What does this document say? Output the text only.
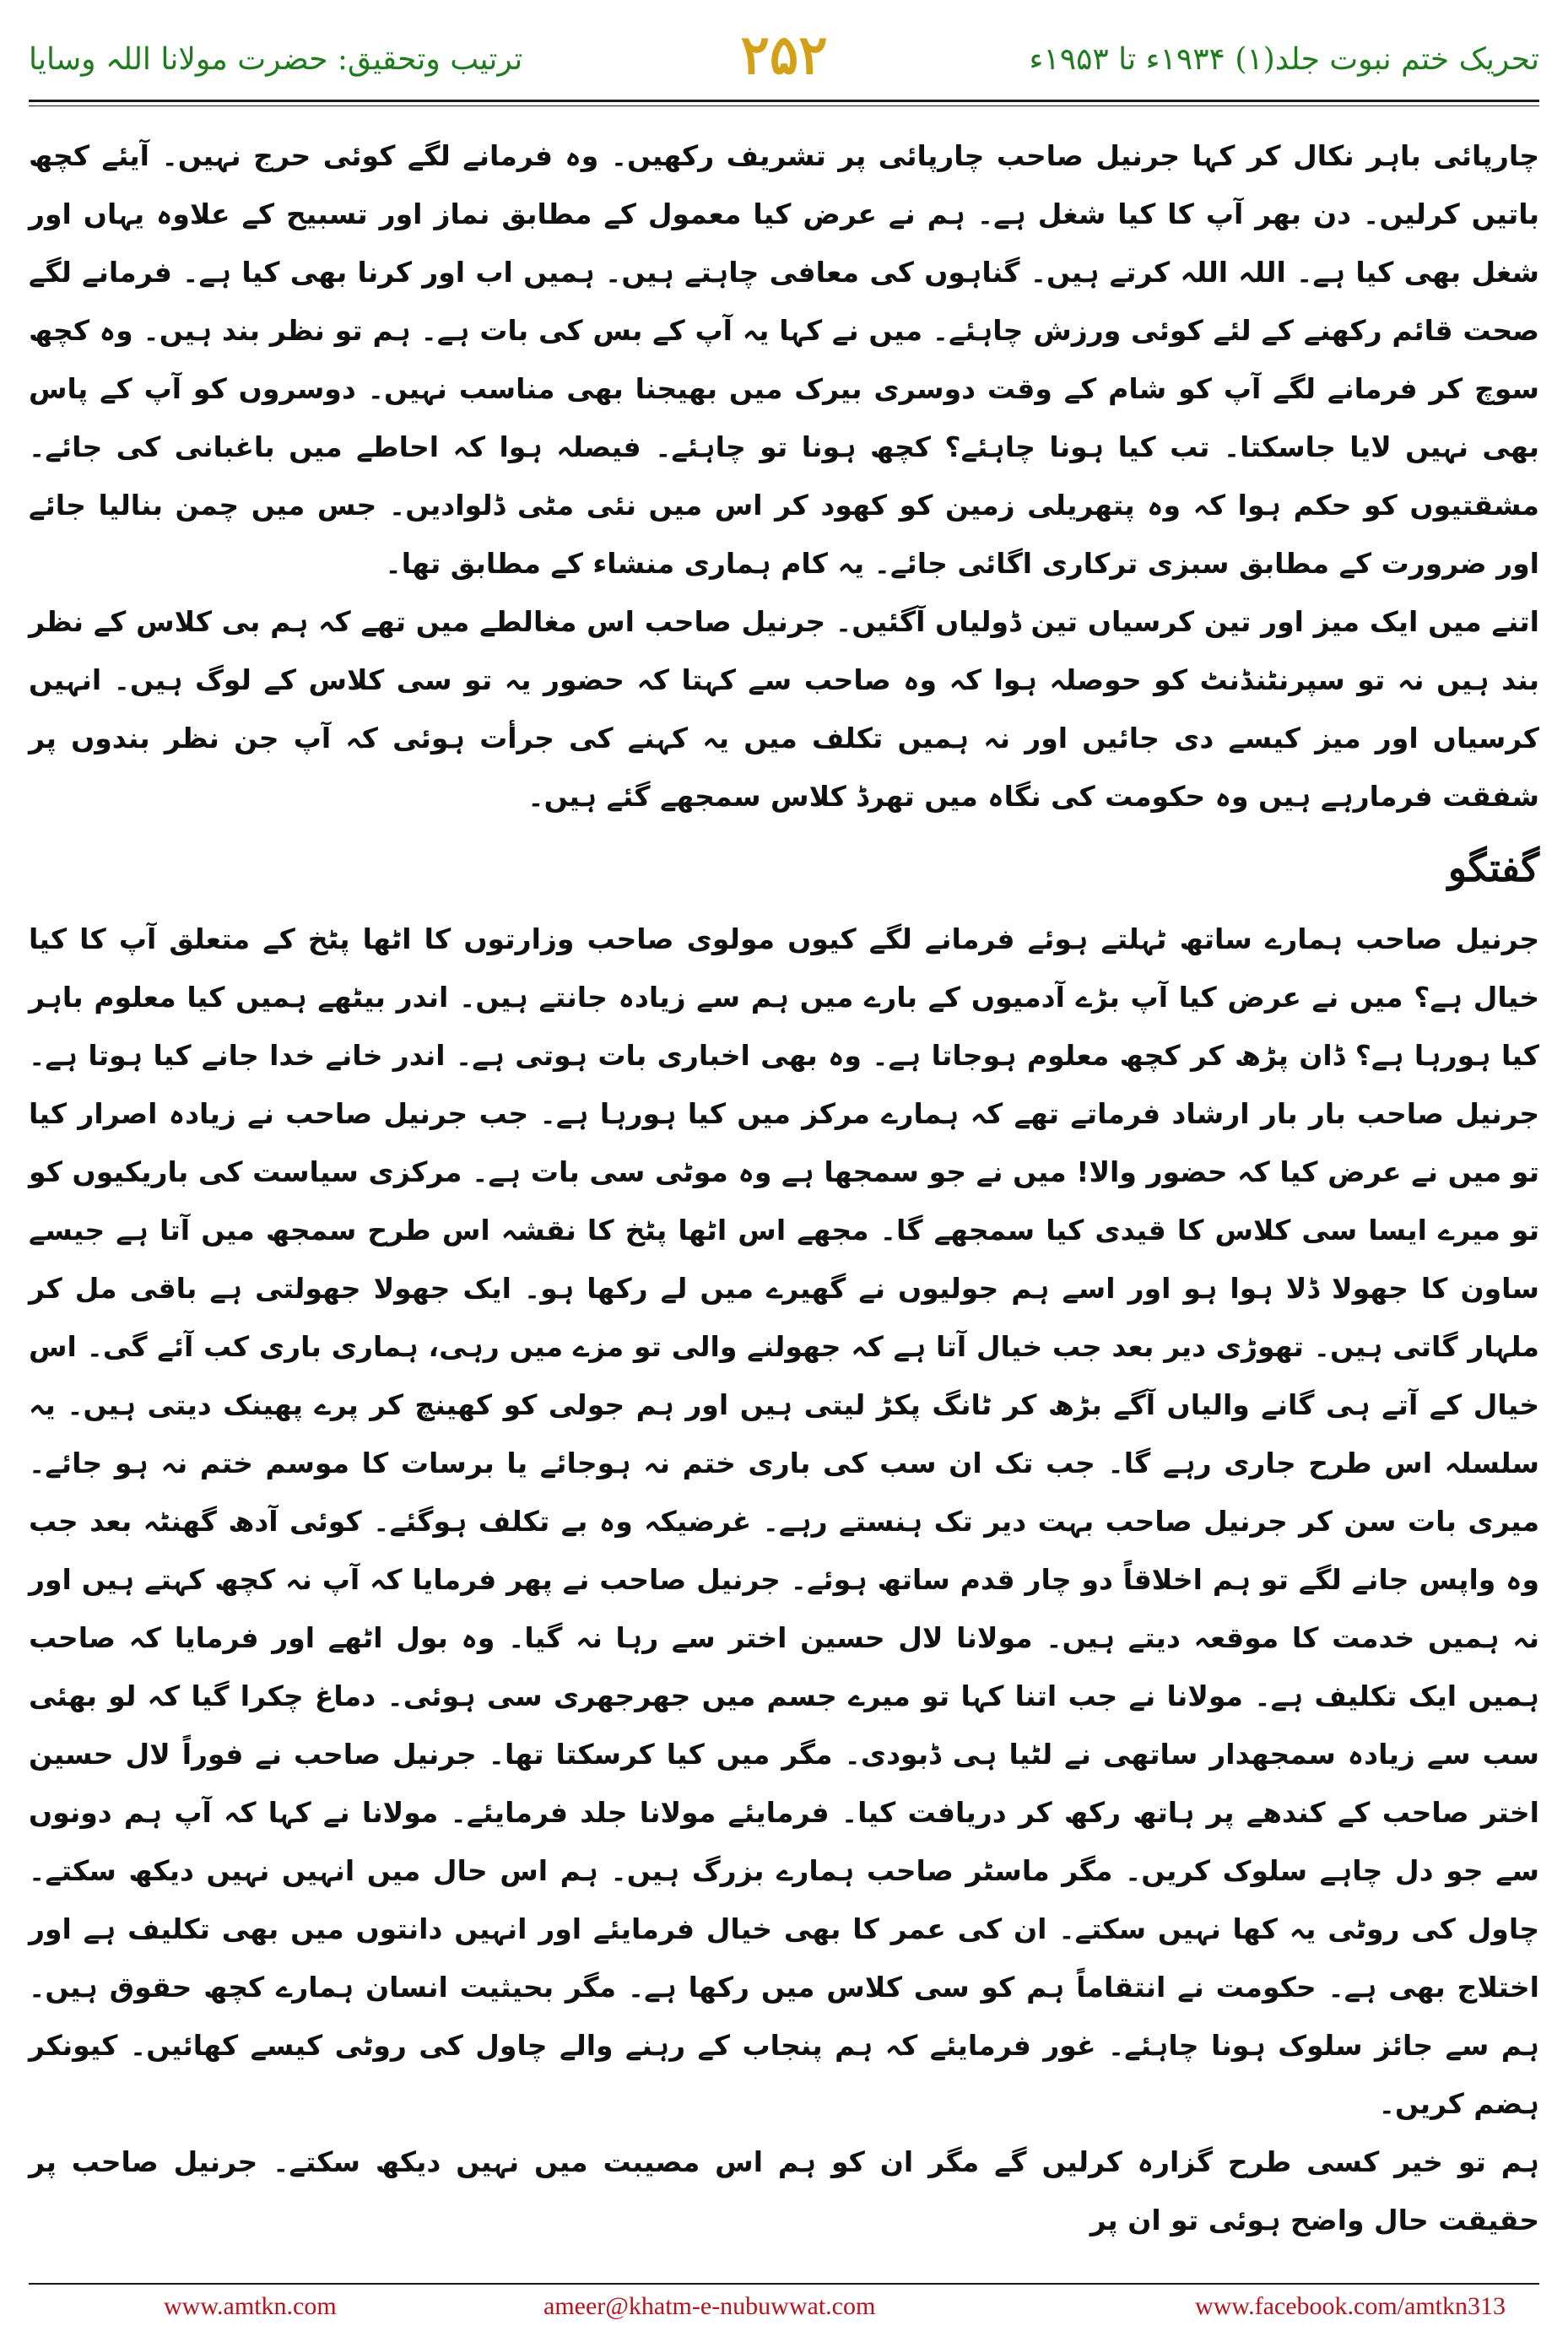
تحریک ختم نبوت جلد(۱) ۱۹۳۴ء تا ۱۹۵۳ء
۲۵۲
ترتیب وتحقیق: حضرت مولانا اللہ وسایا

چارپائی باہر نکال کر کہا جرنیل صاحب چارپائی پر تشریف رکھیں۔ وہ فرمانے لگے کوئی حرج نہیں۔ آیئے کچھ باتیں کرلیں۔ دن بھر آپ کا کیا شغل ہے۔ ہم نے عرض کیا معمول کے مطابق نماز اور تسبیح کے علاوہ یہاں اور شغل بھی کیا ہے۔ اللہ اللہ کرتے ہیں۔ گناہوں کی معافی چاہتے ہیں۔ ہمیں اب اور کرنا بھی کیا ہے۔ فرمانے لگے صحت قائم رکھنے کے لئے کوئی ورزش چاہئے۔ میں نے کہا یہ آپ کے بس کی بات ہے۔ ہم تو نظر بند ہیں۔ وہ کچھ سوچ کر فرمانے لگے آپ کو شام کے وقت دوسری بیرک میں بھیجنا بھی مناسب نہیں۔ دوسروں کو آپ کے پاس بھی نہیں لایا جاسکتا۔ تب کیا ہونا چاہئے؟ کچھ ہونا تو چاہئے۔ فیصلہ ہوا کہ احاطے میں باغبانی کی جائے۔ مشقتیوں کو حکم ہوا کہ وہ پتھریلی زمین کو کھود کر اس میں نئی مٹی ڈلوادیں۔ جس میں چمن بنالیا جائے اور ضرورت کے مطابق سبزی ترکاری اگائی جائے۔ یہ کام ہماری منشاء کے مطابق تھا۔

اتنے میں ایک میز اور تین کرسیاں تین ڈولیاں آگئیں۔ جرنیل صاحب اس مغالطے میں تھے کہ ہم بی کلاس کے نظر بند ہیں نہ تو سپرنٹنڈنٹ کو حوصلہ ہوا کہ وہ صاحب سے کہتا کہ حضور یہ تو سی کلاس کے لوگ ہیں۔ انہیں کرسیاں اور میز کیسے دی جائیں اور نہ ہمیں تکلف میں یہ کہنے کی جرأت ہوئی کہ آپ جن نظر بندوں پر شفقت فرمارہے ہیں وہ حکومت کی نگاہ میں تھرڈ کلاس سمجھے گئے ہیں۔

گفتگو

جرنیل صاحب ہمارے ساتھ ٹہلتے ہوئے فرمانے لگے کیوں مولوی صاحب وزارتوں کا اٹھا پٹخ کے متعلق آپ کا کیا خیال ہے؟ میں نے عرض کیا آپ بڑے آدمیوں کے بارے میں ہم سے زیادہ جانتے ہیں۔ اندر بیٹھے ہمیں کیا معلوم باہر کیا ہورہا ہے؟ ڈان پڑھ کر کچھ معلوم ہوجاتا ہے۔ وہ بھی اخباری بات ہوتی ہے۔ اندر خانے خدا جانے کیا ہوتا ہے۔ جرنیل صاحب بار بار ارشاد فرماتے تھے کہ ہمارے مرکز میں کیا ہورہا ہے۔ جب جرنیل صاحب نے زیادہ اصرار کیا تو میں نے عرض کیا کہ حضور والا! میں نے جو سمجھا ہے وہ موٹی سی بات ہے۔ مرکزی سیاست کی باریکیوں کو تو میرے ایسا سی کلاس کا قیدی کیا سمجھے گا۔ مجھے اس اٹھا پٹخ کا نقشہ اس طرح سمجھ میں آتا ہے جیسے ساون کا جھولا ڈلا ہوا ہو اور اسے ہم جولیوں نے گھیرے میں لے رکھا ہو۔ ایک جھولا جھولتی ہے باقی مل کر ملہار گاتی ہیں۔ تھوڑی دیر بعد جب خیال آتا ہے کہ جھولنے والی تو مزے میں رہی، ہماری باری کب آئے گی۔ اس خیال کے آتے ہی گانے والیاں آگے بڑھ کر ٹانگ پکڑ لیتی ہیں اور ہم جولی کو کھینچ کر پرے پھینک دیتی ہیں۔ یہ سلسلہ اس طرح جاری رہے گا۔ جب تک ان سب کی باری ختم نہ ہوجائے یا برسات کا موسم ختم نہ ہو جائے۔ میری بات سن کر جرنیل صاحب بہت دیر تک ہنستے رہے۔ غرضیکہ وہ بے تکلف ہوگئے۔ کوئی آدھ گھنٹہ بعد جب وہ واپس جانے لگے تو ہم اخلاقاً دو چار قدم ساتھ ہوئے۔ جرنیل صاحب نے پھر فرمایا کہ آپ نہ کچھ کہتے ہیں اور نہ ہمیں خدمت کا موقعہ دیتے ہیں۔ مولانا لال حسین اختر سے رہا نہ گیا۔ وہ بول اٹھے اور فرمایا کہ صاحب ہمیں ایک تکلیف ہے۔ مولانا نے جب اتنا کہا تو میرے جسم میں جھرجھری سی ہوئی۔ دماغ چکرا گیا کہ لو بھئی سب سے زیادہ سمجھدار ساتھی نے لٹیا ہی ڈبودی۔ مگر میں کیا کرسکتا تھا۔ جرنیل صاحب نے فوراً لال حسین اختر صاحب کے کندھے پر ہاتھ رکھ کر دریافت کیا۔ فرمایئے مولانا جلد فرمایئے۔ مولانا نے کہا کہ آپ ہم دونوں سے جو دل چاہے سلوک کریں۔ مگر ماسٹر صاحب ہمارے بزرگ ہیں۔ ہم اس حال میں انہیں نہیں دیکھ سکتے۔ چاول کی روٹی یہ کھا نہیں سکتے۔ ان کی عمر کا بھی خیال فرمایئے اور انہیں دانتوں میں بھی تکلیف ہے اور اختلاج بھی ہے۔ حکومت نے انتقاماً ہم کو سی کلاس میں رکھا ہے۔ مگر بحیثیت انسان ہمارے کچھ حقوق ہیں۔ ہم سے جائز سلوک ہونا چاہئے۔ غور فرمایئے کہ ہم پنجاب کے رہنے والے چاول کی روٹی کیسے کھائیں۔ کیونکر ہضم کریں۔

ہم تو خیر کسی طرح گزارہ کرلیں گے مگر ان کو ہم اس مصیبت میں نہیں دیکھ سکتے۔ جرنیل صاحب پر حقیقت حال واضح ہوئی تو ان پر

www.amtkn.com	ameer@khatm-e-nubuwwat.com	www.facebook.com/amtkn313
